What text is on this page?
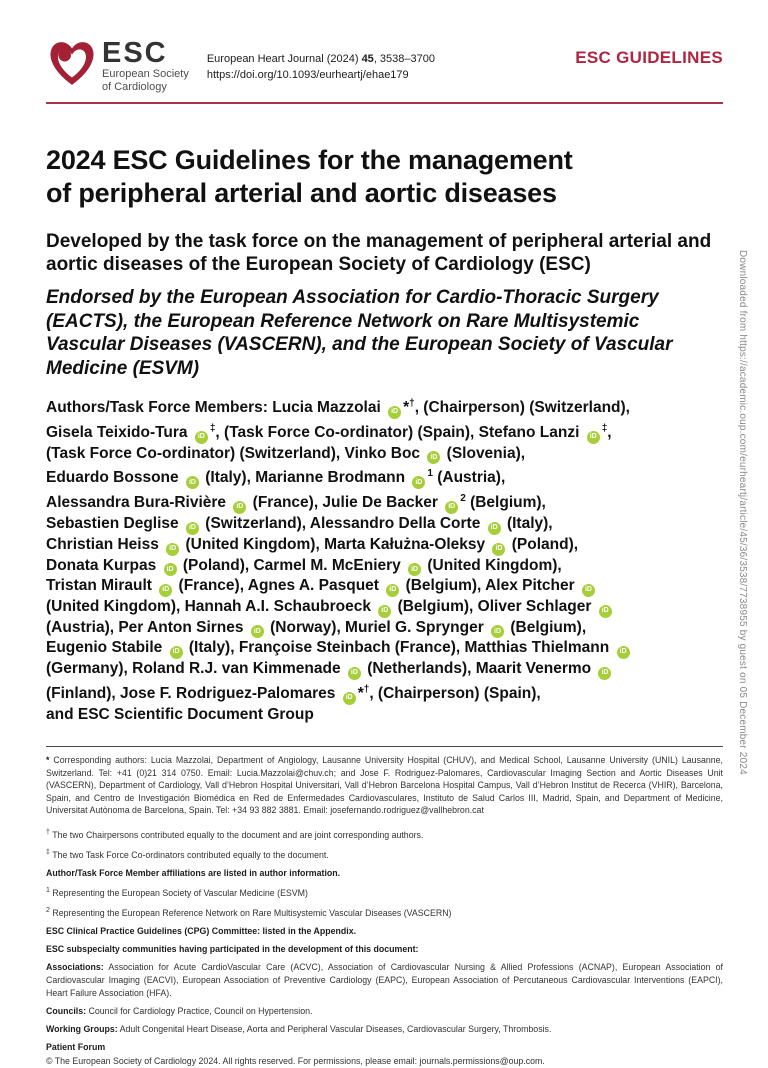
Downloaded from https://academic.oup.com/eurheartj/article/45/36/3538/7738955 by guest on 05 December 2024
ESC
European Society
of Cardiology
European Heart Journal (2024) 45, 3538–3700
https://doi.org/10.1093/eurheartj/ehae179
ESC GUIDELINES
2024 ESC Guidelines for the management
of peripheral arterial and aortic diseases
Developed by the task force on the management of peripheral arterial and aortic diseases of the European Society of Cardiology (ESC)
Endorsed by the European Association for Cardio-Thoracic Surgery (EACTS), the European Reference Network on Rare Multisystemic Vascular Diseases (VASCERN), and the European Society of Vascular Medicine (ESVM)
Authors/Task Force Members: Lucia Mazzolai iD *†, (Chairperson) (Switzerland),
Gisela Teixido-Tura iD‡, (Task Force Co-ordinator) (Spain), Stefano Lanzi iD‡,
(Task Force Co-ordinator) (Switzerland), Vinko Boc iD (Slovenia),
Eduardo Bossone iD (Italy), Marianne Brodmann $iD^1$ (Austria),
Alessandra Bura-Rivière iD (France), Julie De Backer $iD^2$ (Belgium),
Sebastien Deglise iD (Switzerland), Alessandro Della Corte iD (Italy),
Christian Heiss iD (United Kingdom), Marta Kałużna-Oleksy iD (Poland),
Donata Kurpas iD (Poland), Carmel M. McEniery iD (United Kingdom),
Tristan Mirault iD (France), Agnes A. Pasquet iD (Belgium), Alex Pitcher iD
(United Kingdom), Hannah A.I. Schaubroeck iD (Belgium), Oliver Schlager iD
(Austria), Per Anton Sirnes iD (Norway), Muriel G. Sprynger iD (Belgium),
Eugenio Stabile iD (Italy), Françoise Steinbach (France), Matthias Thielmann iD
(Germany), Roland R.J. van Kimmenade iD (Netherlands), Maarit Venermo iD
(Finland), Jose F. Rodriguez-Palomares iD *†, (Chairperson) (Spain),
and ESC Scientific Document Group

* Corresponding authors: Lucia Mazzolai, Department of Angiology, Lausanne University Hospital (CHUV), and Medical School, Lausanne University (UNIL) Lausanne, Switzerland. Tel: +41 (0)21 314 0750. Email: Lucia.Mazzolai@chuv.ch; and Jose F. Rodriguez-Palomares, Cardiovascular Imaging Section and Aortic Diseases Unit (VASCERN), Department of Cardiology, Vall d’Hebron Hospital Universitari, Vall d’Hebron Barcelona Hospital Campus, Vall d’Hebron Institut de Recerca (VHIR), Barcelona, Spain, and Centro de Investigación Biomédica en Red de Enfermedades Cardiovasculares, Instituto de Salud Carlos III, Madrid, Spain, and Department of Medicine, Universitat Autònoma de Barcelona, Spain. Tel: +34 93 882 3881. Email: josefernando.rodriguez@vallhebron.cat

† The two Chairpersons contributed equally to the document and are joint corresponding authors.

‡ The two Task Force Co-ordinators contributed equally to the document.

Author/Task Force Member affiliations are listed in author information.

$^1$ Representing the European Society of Vascular Medicine (ESVM)

$^2$ Representing the European Reference Network on Rare Multisystemic Vascular Diseases (VASCERN)

ESC Clinical Practice Guidelines (CPG) Committee: listed in the Appendix.

ESC subspecialty communities having participated in the development of this document:

Associations: Association for Acute CardioVascular Care (ACVC), Association of Cardiovascular Nursing & Allied Professions (ACNAP), European Association of Cardiovascular Imaging (EACVI), European Association of Preventive Cardiology (EAPC), European Association of Percutaneous Cardiovascular Interventions (EAPCI), Heart Failure Association (HFA).

Councils: Council for Cardiology Practice, Council on Hypertension.

Working Groups: Adult Congenital Heart Disease, Aorta and Peripheral Vascular Diseases, Cardiovascular Surgery, Thrombosis.

Patient Forum

© The European Society of Cardiology 2024. All rights reserved. For permissions, please email: journals.permissions@oup.com.
